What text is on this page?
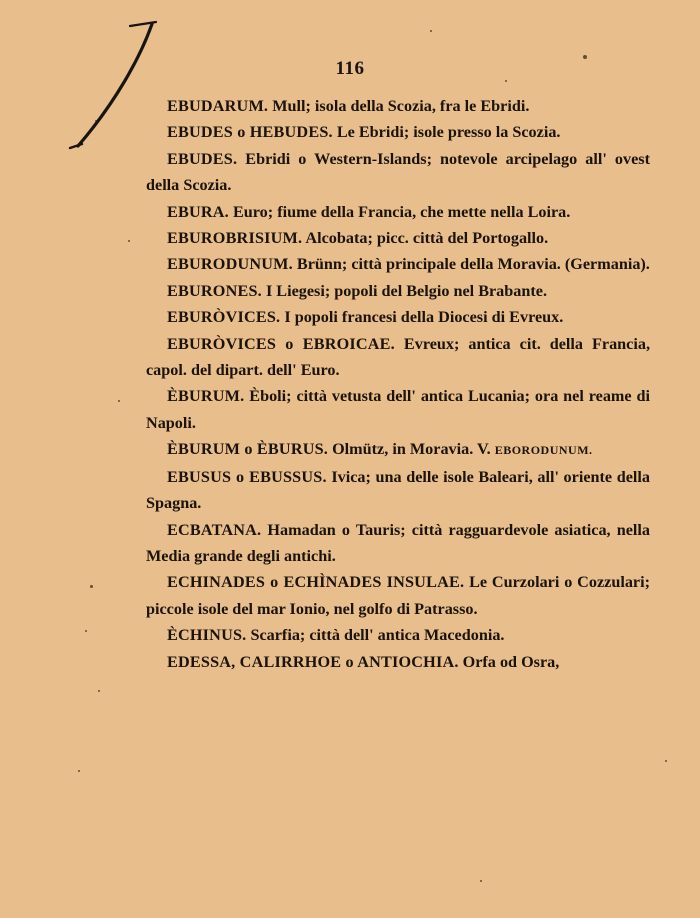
116

EBUDARUM. Mull; isola della Scozia, fra le Ebridi.

EBUDES o HEBUDES. Le Ebridi; isole presso la Scozia.

EBUDES. Ebridi o Western-Islands; notevole arcipelago all' ovest della Scozia.

EBURA. Euro; fiume della Francia, che mette nella Loira.

EBUROBRISIUM. Alcobata; picc. città del Portogallo.

EBURODUNUM. Brünn; città principale della Moravia. (Germania).

EBURONES. I Liegesi; popoli del Belgio nel Brabante.

EBURÒVICES. I popoli francesi della Diocesi di Evreux.

EBURÒVICES o EBROICAE. Evreux; antica cit. della Francia, capol. del dipart. dell' Euro.

ÈBURUM. Èboli; città vetusta dell' antica Lucania; ora nel reame di Napoli.

ÈBURUM o ÈBURUS. Olmütz, in Moravia. V. EBORODUNUM.

EBUSUS o EBUSSUS. Ivica; una delle isole Baleari, all' oriente della Spagna.

ECBATANA. Hamadan o Tauris; città ragguardevole asiatica, nella Media grande degli antichi.

ECHINADES o ECHÌNADES INSULAE. Le Curzolari o Cozzulari; piccole isole del mar Ionio, nel golfo di Patrasso.

ÈCHINUS. Scarfia; città dell' antica Macedonia.

EDESSA, CALIRRHOE o ANTIOCHIA. Orfa od Osra,
